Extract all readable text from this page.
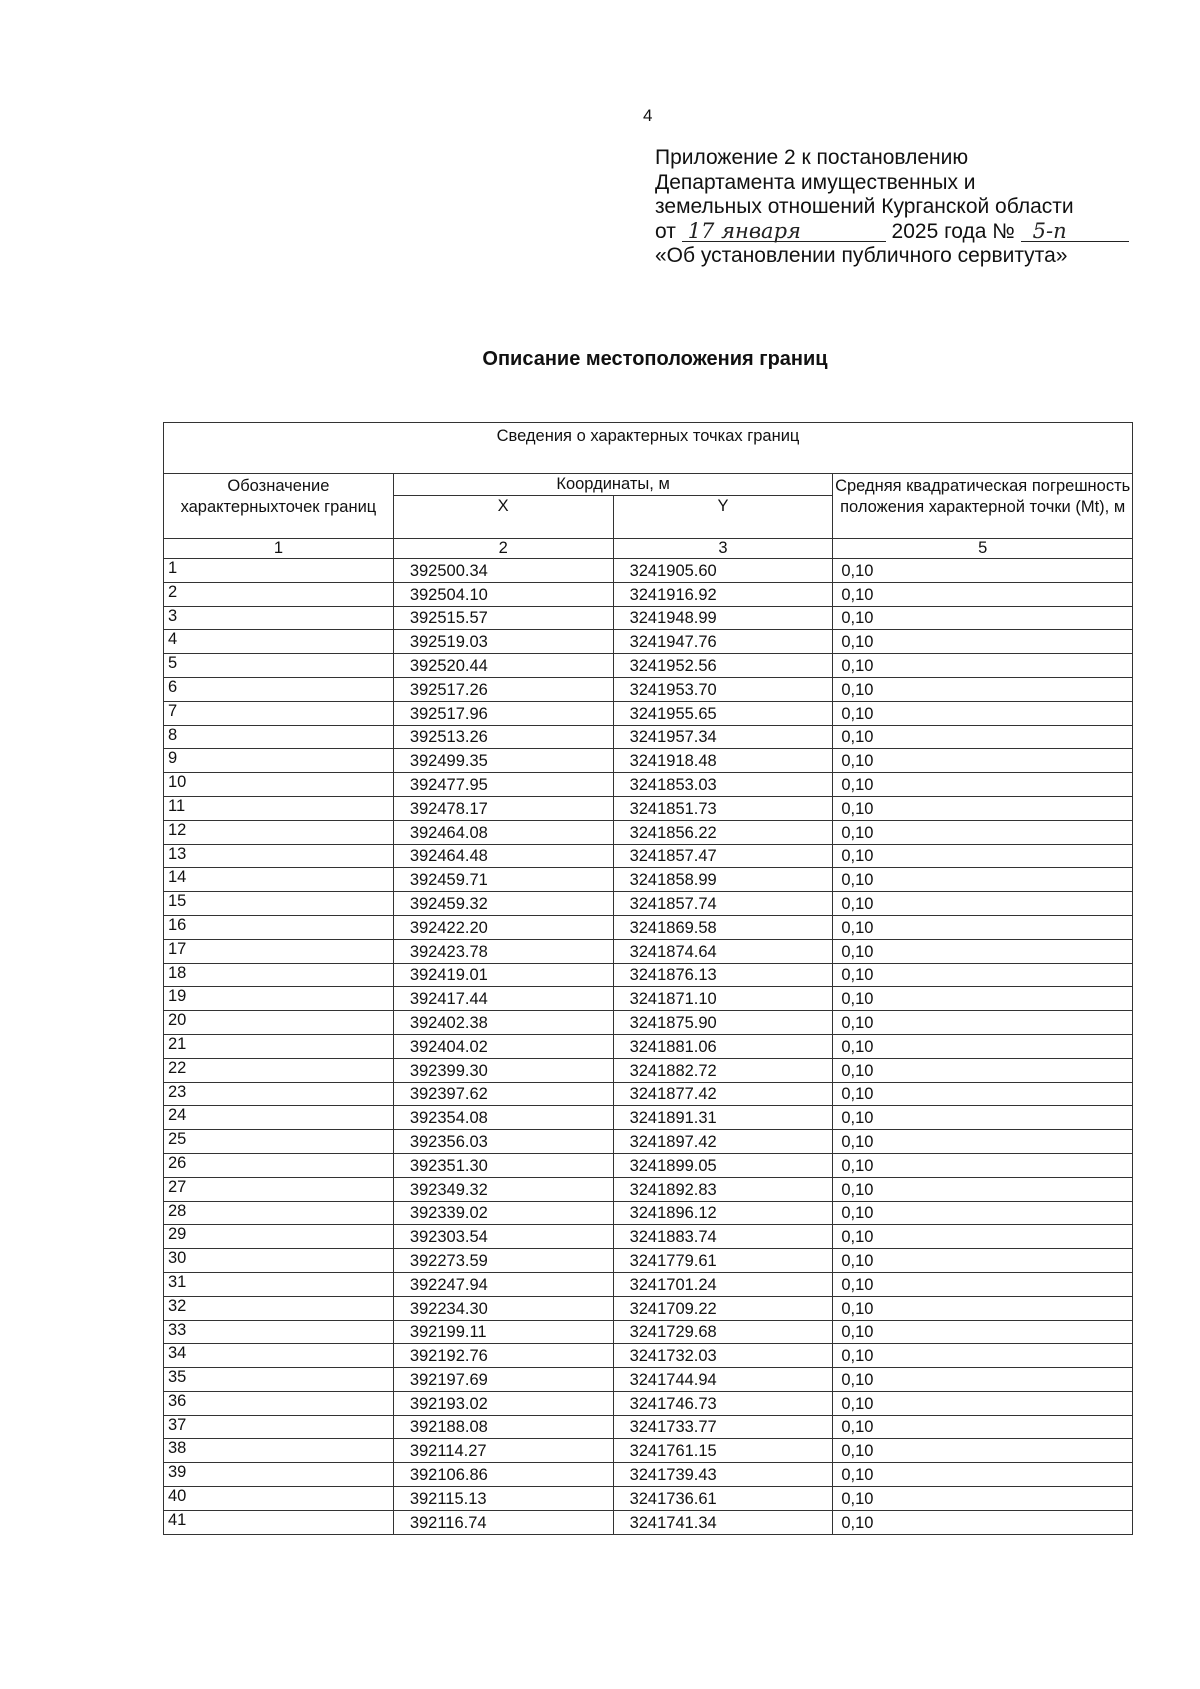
4
Приложение 2 к постановлению
Департамента имущественных и
земельных отношений Курганской области
от 17 января	2025 года № 5-п
«Об установлении публичного сервитута»
Описание местоположения границ
Сведения о характерных точках границ			
Обозначение характерныхточек границ	Координаты, м		Средняя квадратическая погрешность положения характерной точки (Mt), м
	X	Y	
1	2	3	5
1	392500.34	3241905.60	0,10
2	392504.10	3241916.92	0,10
3	392515.57	3241948.99	0,10
4	392519.03	3241947.76	0,10
5	392520.44	3241952.56	0,10
6	392517.26	3241953.70	0,10
7	392517.96	3241955.65	0,10
8	392513.26	3241957.34	0,10
9	392499.35	3241918.48	0,10
10	392477.95	3241853.03	0,10
11	392478.17	3241851.73	0,10
12	392464.08	3241856.22	0,10
13	392464.48	3241857.47	0,10
14	392459.71	3241858.99	0,10
15	392459.32	3241857.74	0,10
16	392422.20	3241869.58	0,10
17	392423.78	3241874.64	0,10
18	392419.01	3241876.13	0,10
19	392417.44	3241871.10	0,10
20	392402.38	3241875.90	0,10
21	392404.02	3241881.06	0,10
22	392399.30	3241882.72	0,10
23	392397.62	3241877.42	0,10
24	392354.08	3241891.31	0,10
25	392356.03	3241897.42	0,10
26	392351.30	3241899.05	0,10
27	392349.32	3241892.83	0,10
28	392339.02	3241896.12	0,10
29	392303.54	3241883.74	0,10
30	392273.59	3241779.61	0,10
31	392247.94	3241701.24	0,10
32	392234.30	3241709.22	0,10
33	392199.11	3241729.68	0,10
34	392192.76	3241732.03	0,10
35	392197.69	3241744.94	0,10
36	392193.02	3241746.73	0,10
37	392188.08	3241733.77	0,10
38	392114.27	3241761.15	0,10
39	392106.86	3241739.43	0,10
40	392115.13	3241736.61	0,10
41	392116.74	3241741.34	0,10
